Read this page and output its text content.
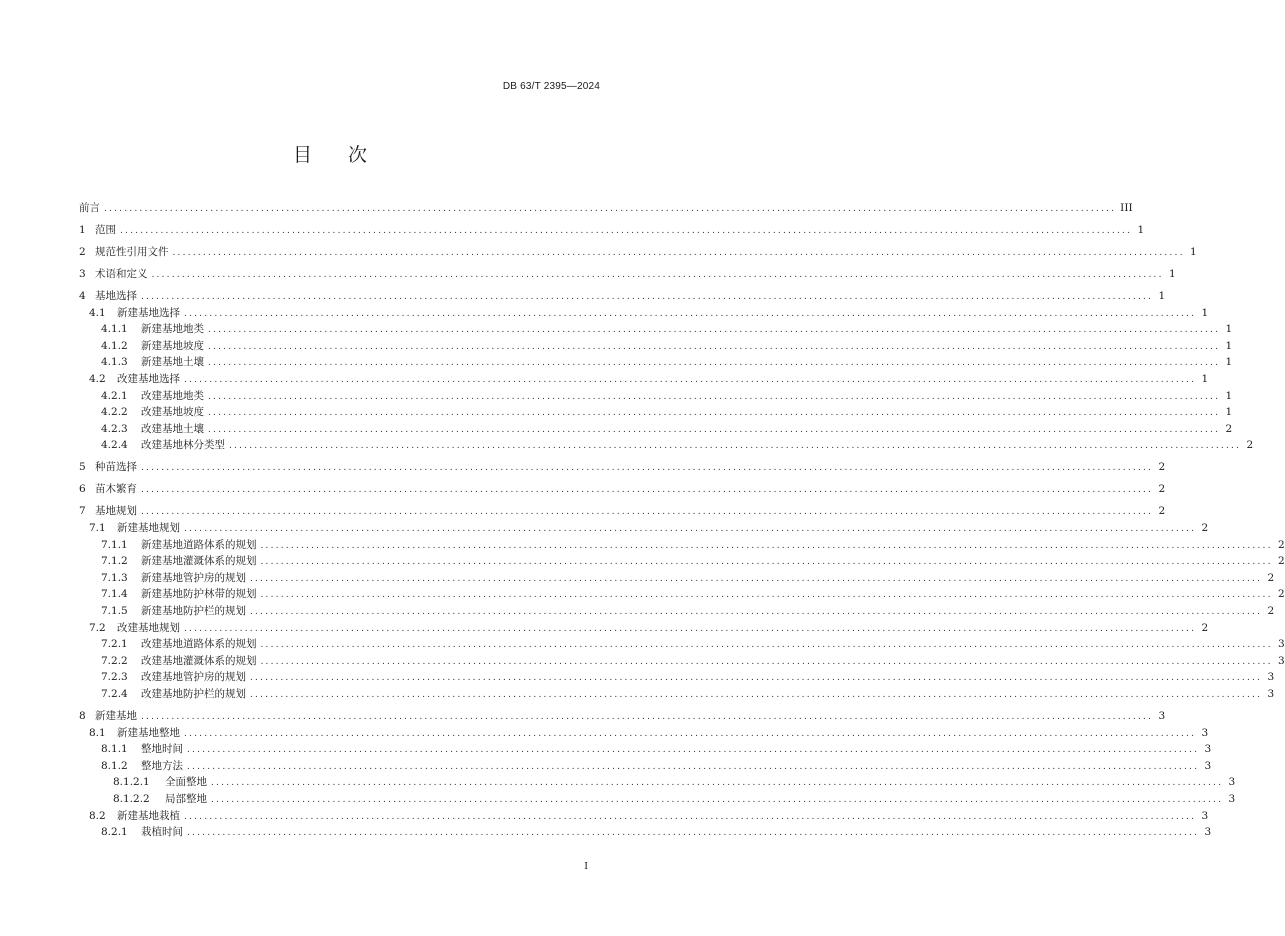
DB 63/T 2395—2024
目 次
前言 ........................................................................................................................................................................................................ III
1 范围 ........................................................................................................................................................................................................ 1
2 规范性引用文件 ........................................................................................................................................................................................................ 1
3 术语和定义 ........................................................................................................................................................................................................ 1
4 基地选择 ........................................................................................................................................................................................................ 1
4.1	新建基地选择 ........................................................................................................................................................................................................ 1
4.1.1	新建基地地类 ........................................................................................................................................................................................................ 1
4.1.2	新建基地坡度 ........................................................................................................................................................................................................ 1
4.1.3	新建基地土壤 ........................................................................................................................................................................................................ 1
4.2	改建基地选择 ........................................................................................................................................................................................................ 1
4.2.1	改建基地地类 ........................................................................................................................................................................................................ 1
4.2.2	改建基地坡度 ........................................................................................................................................................................................................ 1
4.2.3	改建基地土壤 ........................................................................................................................................................................................................ 2
4.2.4	改建基地林分类型 ........................................................................................................................................................................................................ 2
5 种苗选择 ........................................................................................................................................................................................................ 2
6 苗木繁育 ........................................................................................................................................................................................................ 2
7 基地规划 ........................................................................................................................................................................................................ 2
7.1	新建基地规划 ........................................................................................................................................................................................................ 2
7.1.1	新建基地道路体系的规划 ........................................................................................................................................................................................................ 2
7.1.2	新建基地灌溉体系的规划 ........................................................................................................................................................................................................ 2
7.1.3	新建基地管护房的规划 ........................................................................................................................................................................................................ 2
7.1.4	新建基地防护林带的规划 ........................................................................................................................................................................................................ 2
7.1.5	新建基地防护栏的规划 ........................................................................................................................................................................................................ 2
7.2	改建基地规划 ........................................................................................................................................................................................................ 2
7.2.1	改建基地道路体系的规划 ........................................................................................................................................................................................................ 3
7.2.2	改建基地灌溉体系的规划 ........................................................................................................................................................................................................ 3
7.2.3	改建基地管护房的规划 ........................................................................................................................................................................................................ 3
7.2.4	改建基地防护栏的规划 ........................................................................................................................................................................................................ 3
8 新建基地 ........................................................................................................................................................................................................ 3
8.1	新建基地整地 ........................................................................................................................................................................................................ 3
8.1.1	整地时间 ........................................................................................................................................................................................................ 3
8.1.2	整地方法 ........................................................................................................................................................................................................ 3
8.1.2.1	全面整地 ........................................................................................................................................................................................................ 3
8.1.2.2	局部整地 ........................................................................................................................................................................................................ 3
8.2	新建基地栽植 ........................................................................................................................................................................................................ 3
8.2.1	栽植时间 ........................................................................................................................................................................................................ 3
I
